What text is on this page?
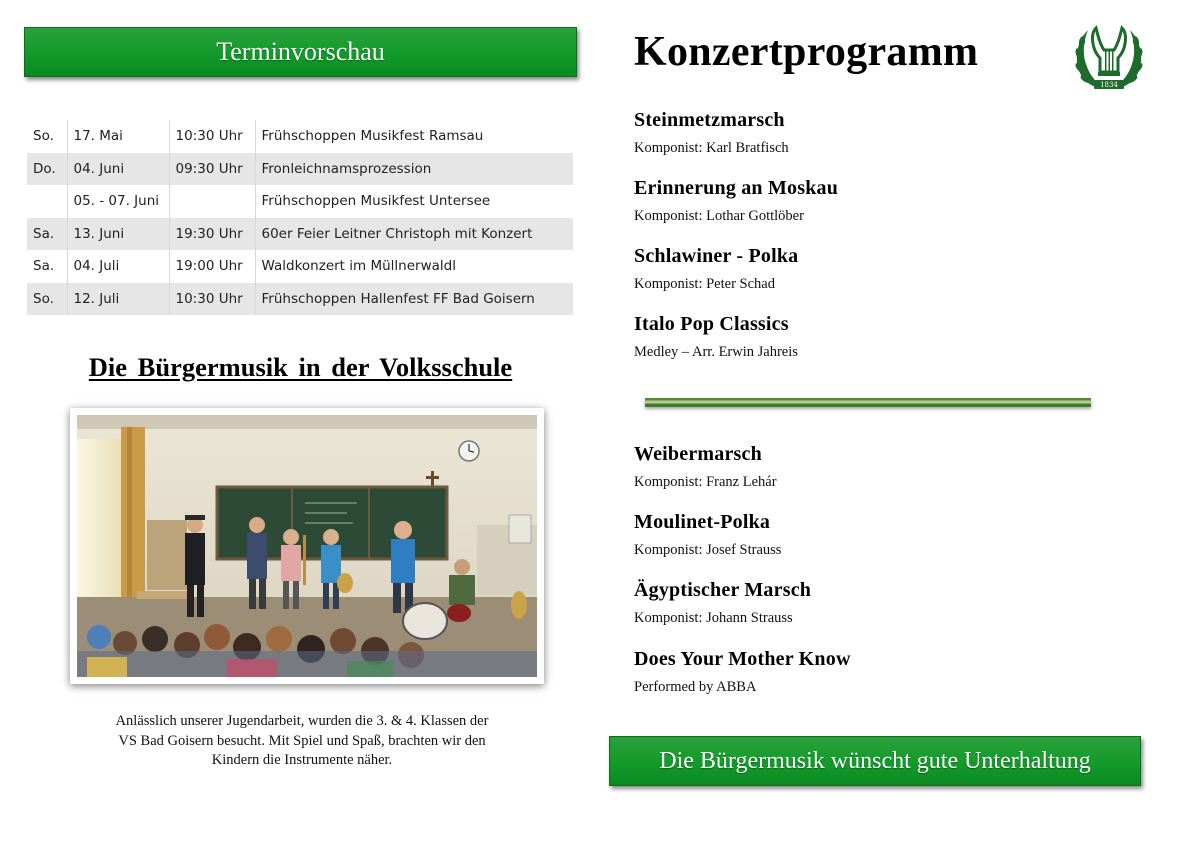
Terminvorschau
So.	17. Mai	10:30 Uhr	Frühschoppen Musikfest Ramsau
Do.	04. Juni	09:30 Uhr	Fronleichnamsprozession
	05. - 07. Juni		Frühschoppen Musikfest Untersee
Sa.	13. Juni	19:30 Uhr	60er Feier Leitner Christoph mit Konzert
Sa.	04. Juli	19:00 Uhr	Waldkonzert im Müllnerwaldl
So.	12. Juli	10:30 Uhr	Frühschoppen Hallenfest FF Bad Goisern
Die Bürgermusik in der Volksschule
Anlässlich unserer Jugendarbeit, wurden die 3. & 4. Klassen der
VS Bad Goisern besucht. Mit Spiel und Spaß, brachten wir den
Kindern die Instrumente näher.
Konzertprogramm
1834
Steinmetzmarsch
Komponist: Karl Bratfisch
Erinnerung an Moskau
Komponist: Lothar Gottlöber
Schlawiner - Polka
Komponist: Peter Schad
Italo Pop Classics
Medley – Arr. Erwin Jahreis
Weibermarsch
Komponist: Franz Lehár
Moulinet-Polka
Komponist: Josef Strauss
Ägyptischer Marsch
Komponist: Johann Strauss
Does Your Mother Know
Performed by ABBA
Die Bürgermusik wünscht gute Unterhaltung
